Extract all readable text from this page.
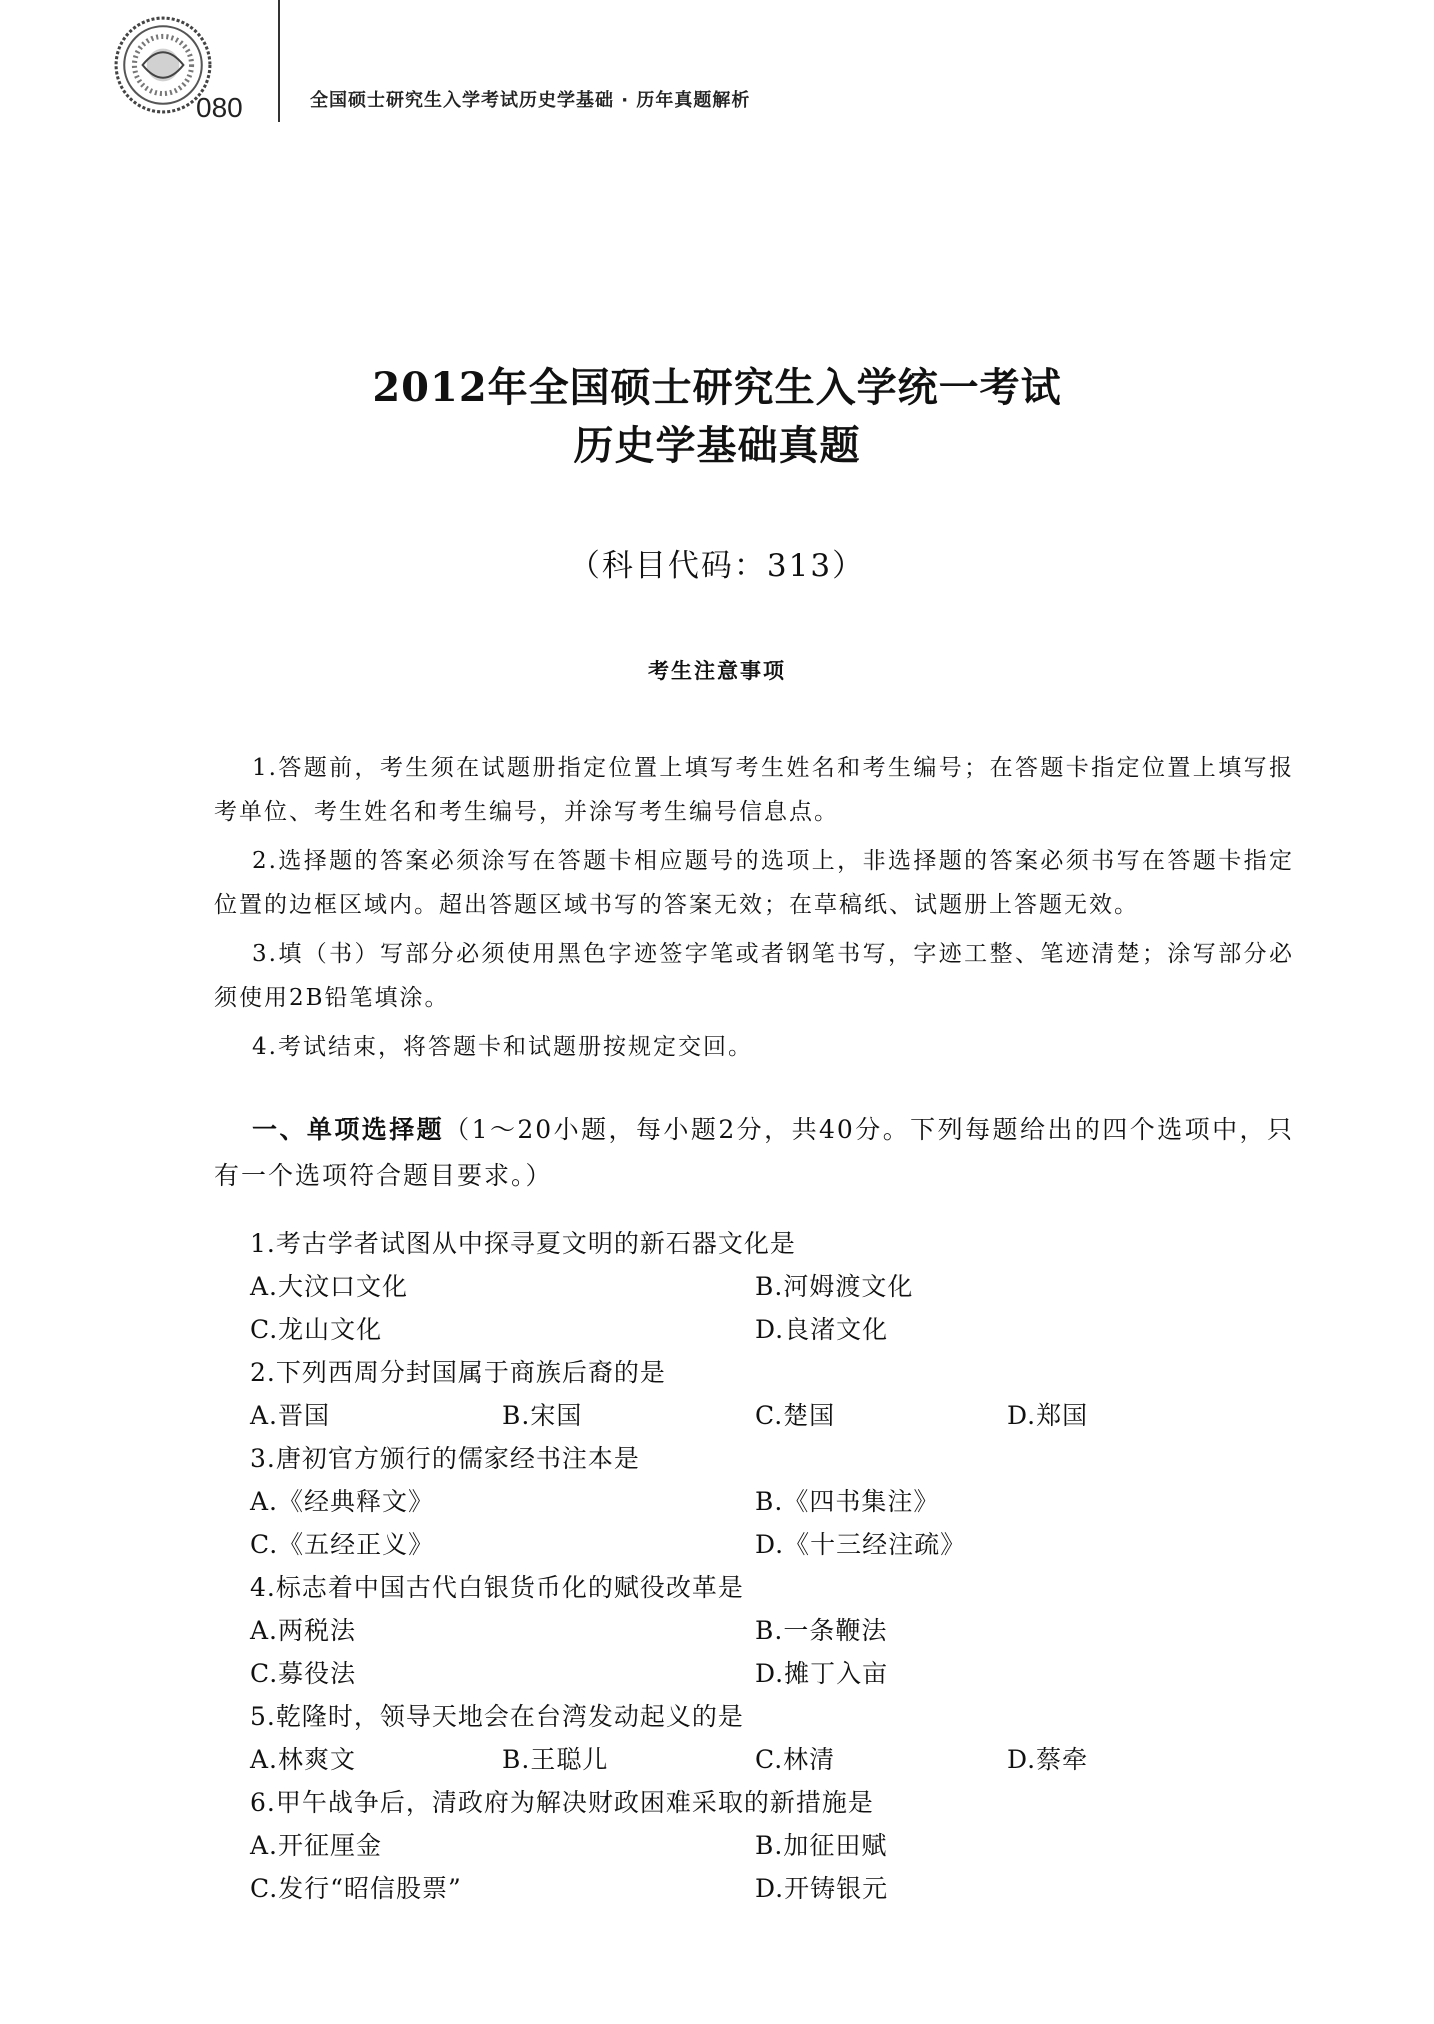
080	全国硕士研究生入学考试历史学基础 · 历年真题解析
2012年全国硕士研究生入学统一考试
历史学基础真题
（科目代码：313）
考生注意事项

1.答题前，考生须在试题册指定位置上填写考生姓名和考生编号；在答题卡指定位置上填写报考单位、考生姓名和考生编号，并涂写考生编号信息点。

2.选择题的答案必须涂写在答题卡相应题号的选项上，非选择题的答案必须书写在答题卡指定位置的边框区域内。超出答题区域书写的答案无效；在草稿纸、试题册上答题无效。

3.填（书）写部分必须使用黑色字迹签字笔或者钢笔书写，字迹工整、笔迹清楚；涂写部分必须使用2B铅笔填涂。

4.考试结束，将答题卡和试题册按规定交回。

一、单项选择题（1～20小题，每小题2分，共40分。下列每题给出的四个选项中，只有一个选项符合题目要求。）
1.考古学者试图从中探寻夏文明的新石器文化是
A.大汶口文化	B.河姆渡文化
C.龙山文化	D.良渚文化
2.下列西周分封国属于商族后裔的是
A.晋国	B.宋国	C.楚国	D.郑国
3.唐初官方颁行的儒家经书注本是
A.《经典释文》	B.《四书集注》
C.《五经正义》	D.《十三经注疏》
4.标志着中国古代白银货币化的赋役改革是
A.两税法	B.一条鞭法
C.募役法	D.摊丁入亩
5.乾隆时，领导天地会在台湾发动起义的是
A.林爽文	B.王聪儿	C.林清	D.蔡牵
6.甲午战争后，清政府为解决财政困难采取的新措施是
A.开征厘金	B.加征田赋
C.发行“昭信股票”	D.开铸银元
